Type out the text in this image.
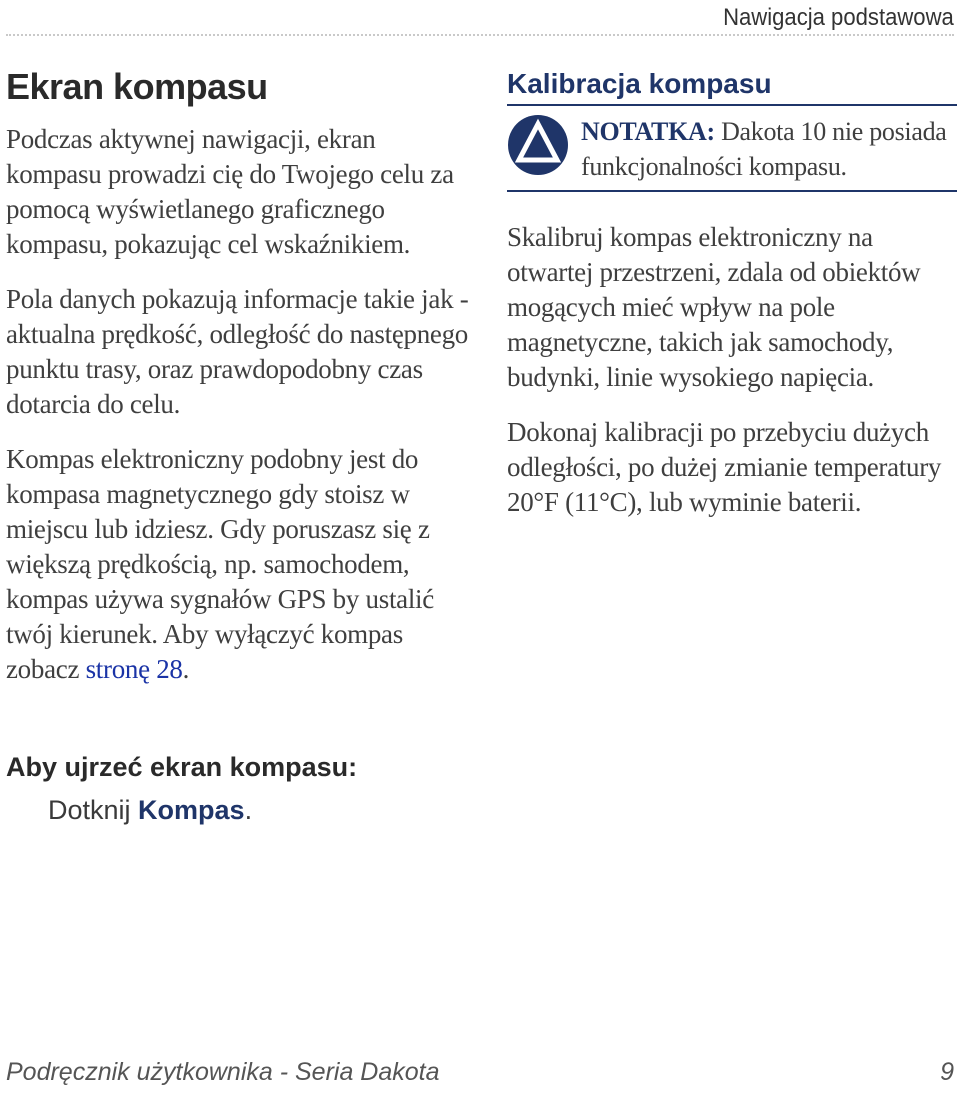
Nawigacja podstawowa
Ekran kompasu

Podczas aktywnej nawigacji, ekran kompasu prowadzi cię do Twojego celu za pomocą wyświetlanego graficznego kompasu, pokazując cel wskaźnikiem.

Pola danych pokazują informacje takie jak - aktualna prędkość, odległość do następnego punktu trasy, oraz prawdopodobny czas dotarcia do celu.

Kompas elektroniczny podobny jest do kompasa magnetycznego gdy stoisz w miejscu lub idziesz. Gdy poruszasz się z większą prędkością, np. samochodem, kompas używa sygnałów GPS by ustalić twój kierunek. Aby wyłączyć kompas zobacz stronę 28.

Aby ujrzeć ekran kompasu:
Dotknij Kompas.
Kalibracja kompasu
NOTATKA: Dakota 10 nie posiada funkcjonalności kompasu.

Skalibruj kompas elektroniczny na otwartej przestrzeni, zdala od obiektów mogących mieć wpływ na pole magnetyczne, takich jak samochody, budynki, linie wysokiego napięcia.

Dokonaj kalibracji po przebyciu dużych odległości, po dużej zmianie temperatury 20°F (11°C), lub wyminie baterii.

Podręcznik użytkownika - Seria Dakota	9
